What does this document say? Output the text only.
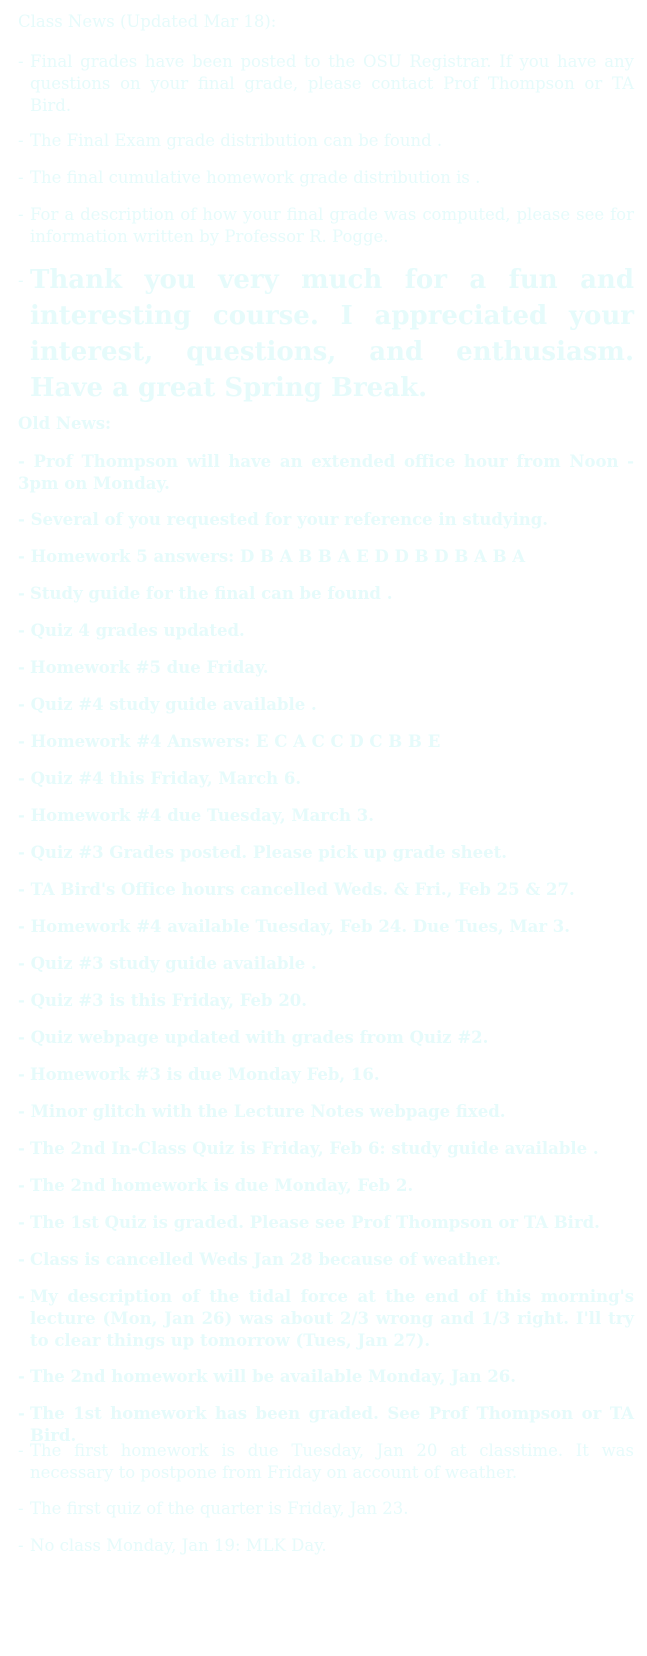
Class News (Updated Mar 18):
- Final grades have been posted to the OSU Registrar. If you have any questions on your final grade, please contact Prof Thompson or TA Bird.
- The Final Exam grade distribution can be found .
- The final cumulative homework grade distribution is .
- For a description of how your final grade was computed, please see for information written by Professor R. Pogge.
- Thank you very much for a fun and interesting course. I appreciated your interest, questions, and enthusiasm. Have a great Spring Break.
Old News:
- Prof Thompson will have an extended office hour from Noon - 3pm on Monday.
- Several of you requested for your reference in studying.
- Homework 5 answers: D B A B B A E D D B D B A B A
- Study guide for the final can be found .
- Quiz 4 grades updated.
- Homework #5 due Friday.
- Quiz #4 study guide available .
- Homework #4 Answers: E C A C C D C B B E
- Quiz #4 this Friday, March 6.
- Homework #4 due Tuesday, March 3.
- Quiz #3 Grades posted. Please pick up grade sheet.
- TA Bird's Office hours cancelled Weds. & Fri., Feb 25 & 27.
- Homework #4 available Tuesday, Feb 24. Due Tues, Mar 3.
- Quiz #3 study guide available .
- Quiz #3 is this Friday, Feb 20.
- Quiz webpage updated with grades from Quiz #2.
- Homework #3 is due Monday Feb, 16.
- Minor glitch with the Lecture Notes webpage fixed.
- The 2nd In-Class Quiz is Friday, Feb 6: study guide available .
- The 2nd homework is due Monday, Feb 2.
- The 1st Quiz is graded. Please see Prof Thompson or TA Bird.
- Class is cancelled Weds Jan 28 because of weather.
- My description of the tidal force at the end of this morning's lecture (Mon, Jan 26) was about 2/3 wrong and 1/3 right. I'll try to clear things up tomorrow (Tues, Jan 27).
- The 2nd homework will be available Monday, Jan 26.
- The 1st homework has been graded. See Prof Thompson or TA Bird.
- The first homework is due Tuesday, Jan 20 at classtime. It was necessary to postpone from Friday on account of weather.
- The first quiz of the quarter is Friday, Jan 23.
- No class Monday, Jan 19: MLK Day.
